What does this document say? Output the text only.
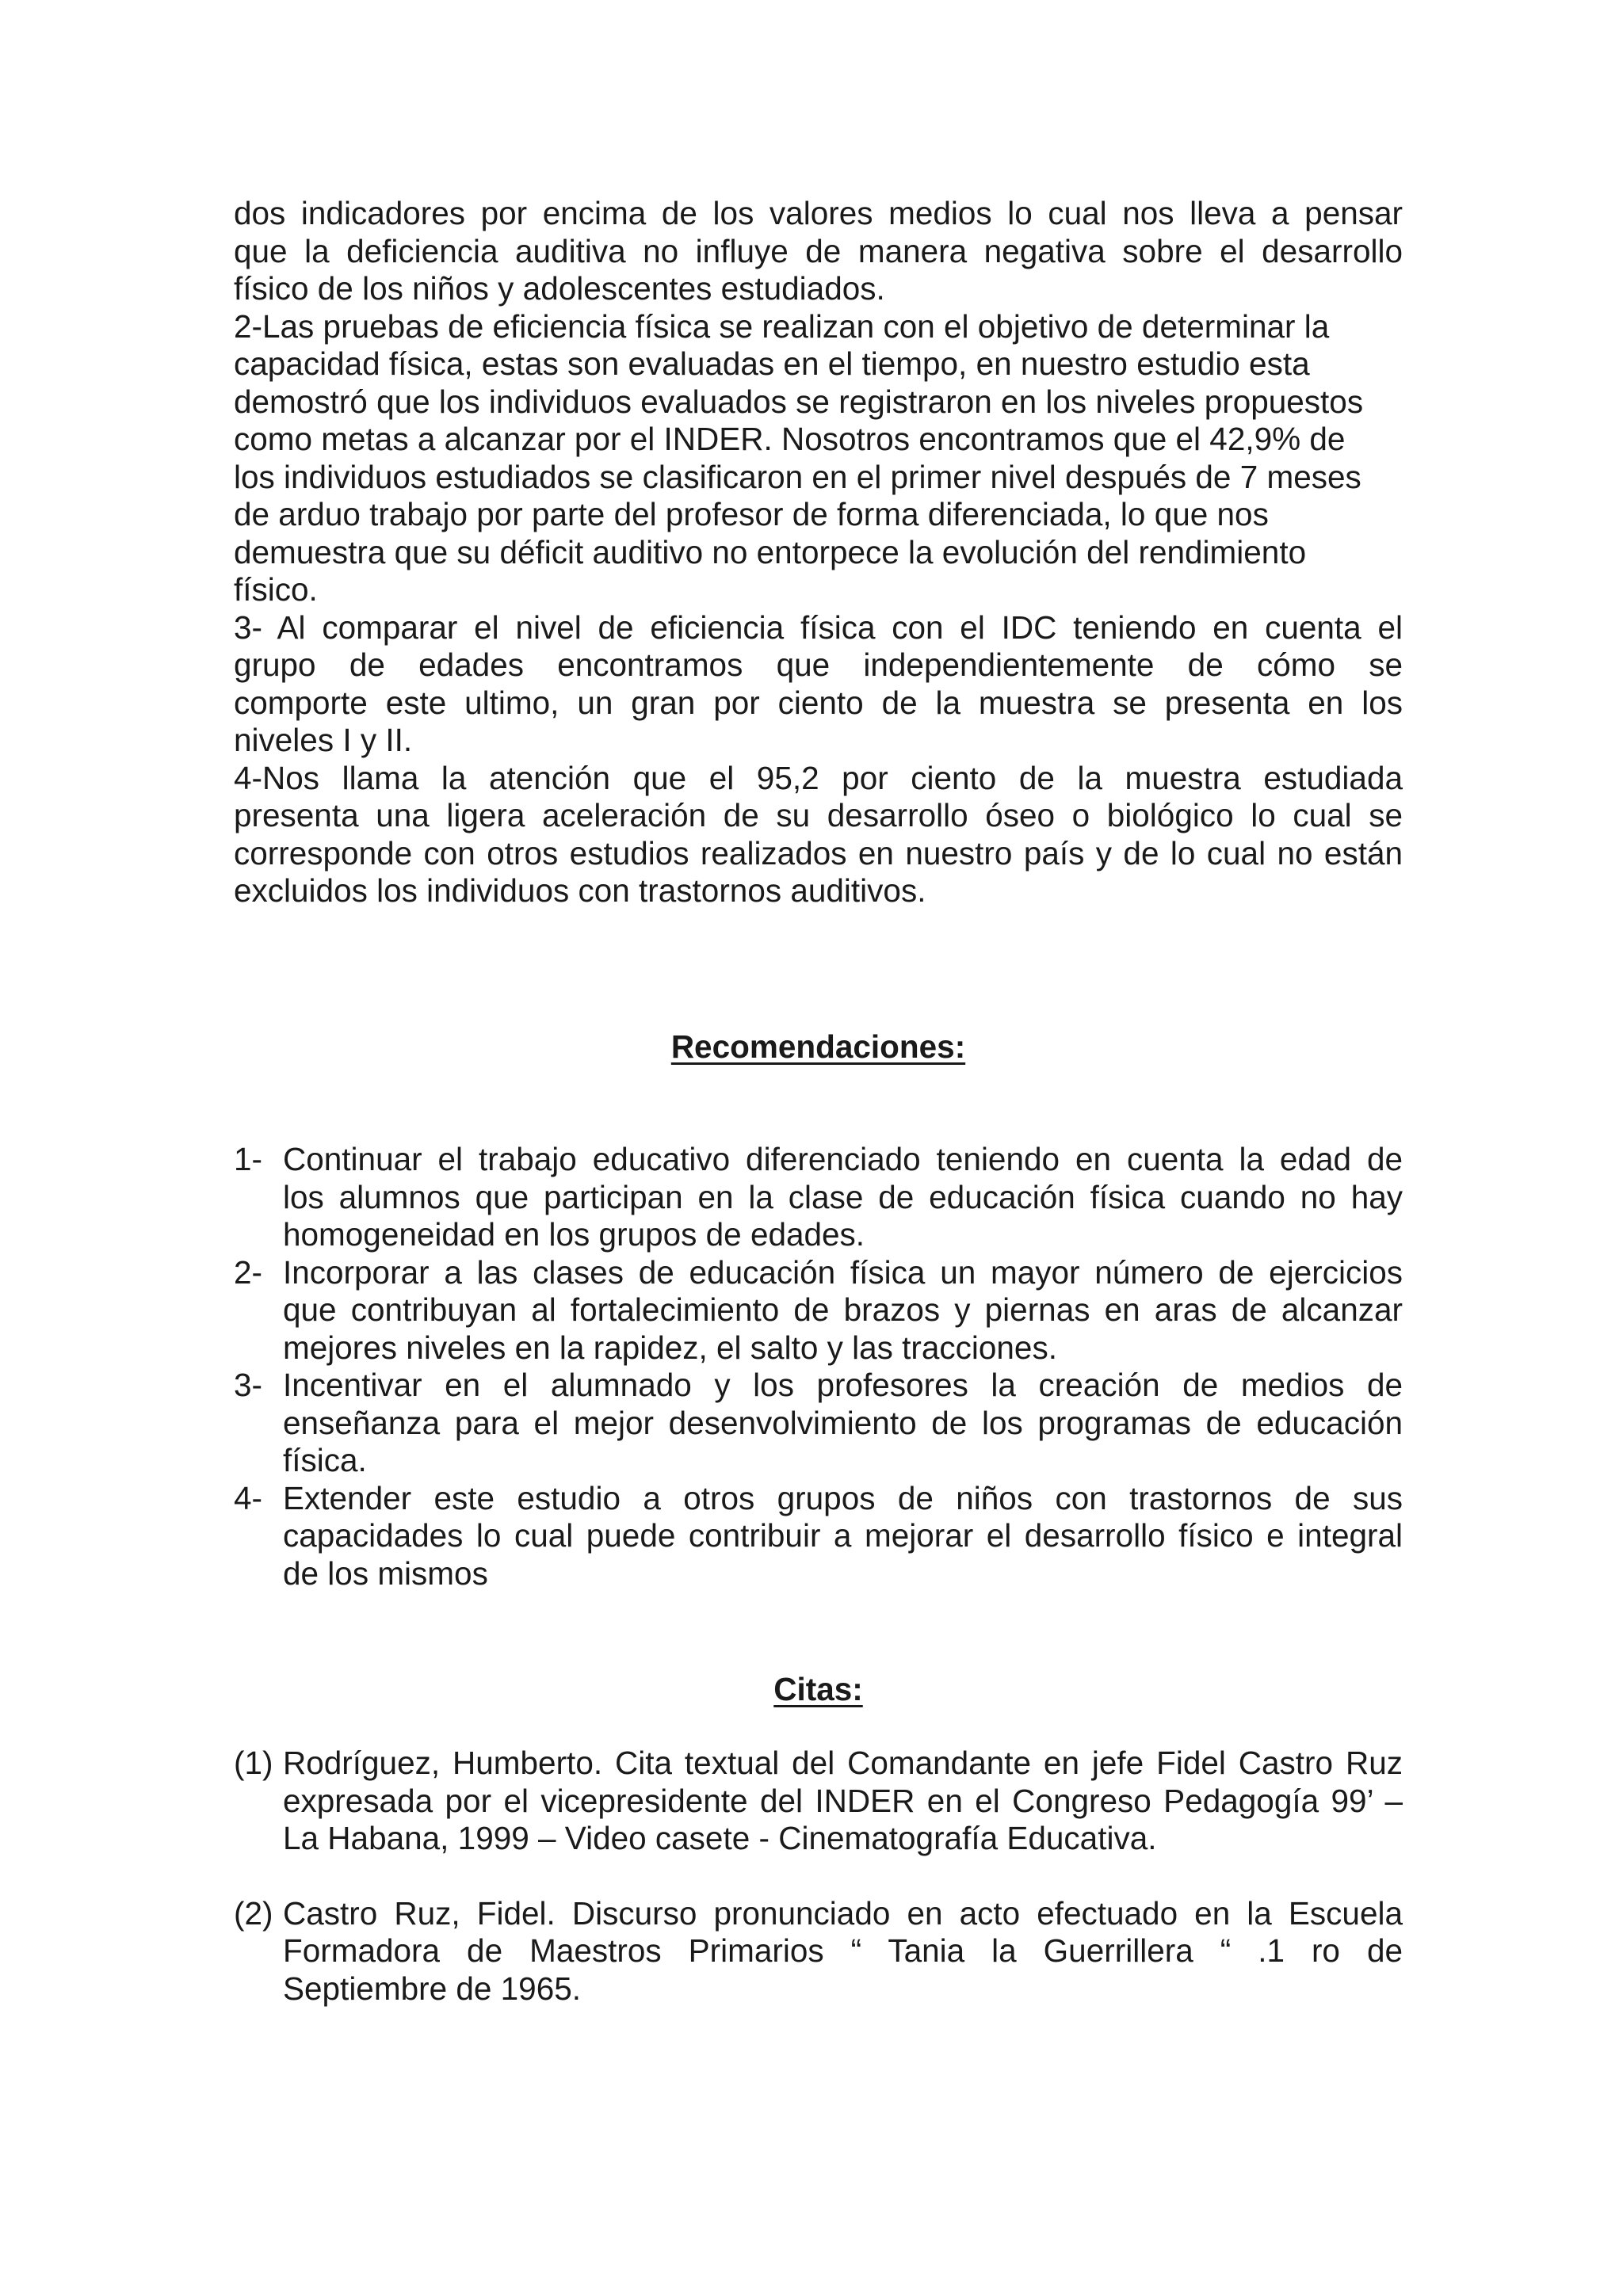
dos indicadores por encima de los valores medios lo cual nos lleva a pensar
que la deficiencia auditiva no influye de manera negativa sobre el desarrollo
físico de los niños y adolescentes estudiados.
2-Las pruebas de eficiencia física se realizan con el objetivo de determinar la
capacidad física, estas son evaluadas en el tiempo, en nuestro estudio esta
demostró que los individuos evaluados se registraron en los niveles propuestos
como metas a alcanzar por el INDER. Nosotros encontramos que el 42,9% de
los individuos estudiados se clasificaron en el primer nivel después de 7 meses
de arduo trabajo por parte del profesor de forma diferenciada, lo que nos
demuestra que su déficit auditivo no entorpece la evolución del rendimiento
físico.
3- Al comparar el nivel de eficiencia física con el IDC teniendo en cuenta el
grupo de edades encontramos que independientemente de cómo se
comporte este ultimo, un gran por ciento de la muestra se presenta en los
niveles I y II.
4-Nos llama la atención que el 95,2 por ciento de la muestra estudiada
presenta una ligera aceleración de su desarrollo óseo o biológico lo cual se
corresponde con otros estudios realizados en nuestro país y de lo cual no están
excluidos los individuos con trastornos auditivos.
Recomendaciones:
1- Continuar el trabajo educativo diferenciado teniendo en cuenta la edad de
los alumnos que participan en la clase de educación física cuando no hay
homogeneidad en los grupos de edades.
2- Incorporar a las clases de educación física un mayor número de ejercicios
que contribuyan al fortalecimiento de brazos y piernas en aras de alcanzar
mejores niveles en la rapidez, el salto y las tracciones.
3- Incentivar en el alumnado y los profesores la creación de medios de
enseñanza para el mejor desenvolvimiento de los programas de educación
física.
4- Extender este estudio a otros grupos de niños con trastornos de sus
capacidades lo cual puede contribuir a mejorar el desarrollo físico e integral
de los mismos
Citas:
(1) Rodríguez, Humberto. Cita textual del Comandante en jefe Fidel Castro Ruz
expresada por el vicepresidente del INDER en el Congreso Pedagogía 99’ –
La Habana, 1999 – Video casete - Cinematografía Educativa.
(2) Castro Ruz, Fidel. Discurso pronunciado en acto efectuado en la Escuela
Formadora de Maestros Primarios “ Tania la Guerrillera “ .1 ro de
Septiembre de 1965.
